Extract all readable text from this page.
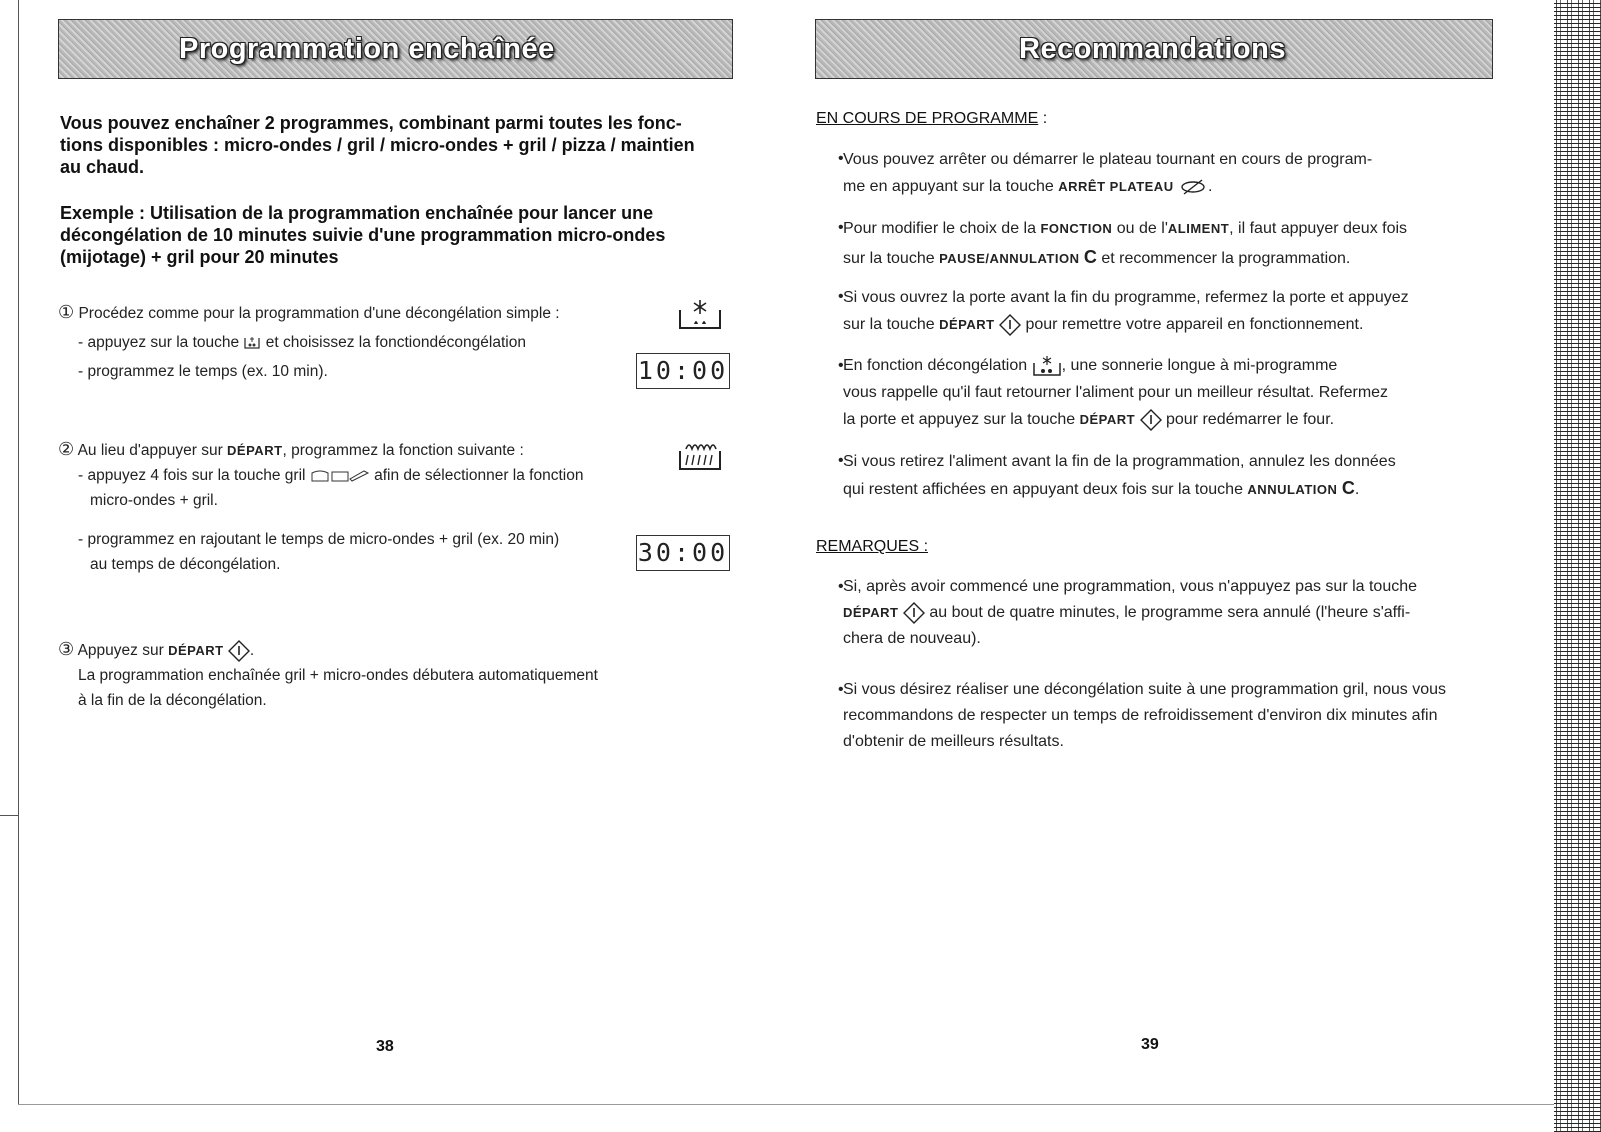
Programmation enchaînée
Vous pouvez enchaîner 2 programmes, combinant parmi toutes les fonc-
tions disponibles : micro-ondes / gril / micro-ondes + gril / pizza / maintien
au chaud.
Exemple : Utilisation de la programmation enchaînée pour lancer une
décongélation de 10 minutes suivie d'une programmation micro-ondes
(mijotage) + gril pour 20 minutes
① Procédez comme pour la programmation d'une décongélation simple :
- appuyez sur la touche et choisissez la fonctiondécongélation
- programmez le temps (ex. 10 min).	10:00
② Au lieu d'appuyer sur DÉPART, programmez la fonction suivante :
- appuyez 4 fois sur la touche gril	afin de sélectionner la fonction
micro-ondes + gril.
- programmez en rajoutant le temps de micro-ondes + gril (ex. 20 min)
au temps de décongélation.	30:00
③ Appuyez sur DÉPART .
La programmation enchaînée gril + micro-ondes débutera automatiquement
à la fin de la décongélation.
38
Recommandations
EN COURS DE PROGRAMME :
• Vous pouvez arrêter ou démarrer le plateau tournant en cours de program-
me en appuyant sur la touche ARRÊT PLATEAU .
• Pour modifier le choix de la FONCTION ou de l'ALIMENT, il faut appuyer deux fois
sur la touche PAUSE/ANNULATION C et recommencer la programmation.
• Si vous ouvrez la porte avant la fin du programme, refermez la porte et appuyez
sur la touche DÉPART pour remettre votre appareil en fonctionnement.
• En fonction décongélation , une sonnerie longue à mi-programme
vous rappelle qu'il faut retourner l'aliment pour un meilleur résultat. Refermez
la porte et appuyez sur la touche DÉPART pour redémarrer le four.
• Si vous retirez l'aliment avant la fin de la programmation, annulez les données
qui restent affichées en appuyant deux fois sur la touche ANNULATION C.
REMARQUES :
• Si, après avoir commencé une programmation, vous n'appuyez pas sur la touche
DÉPART au bout de quatre minutes, le programme sera annulé (l'heure s'affi-
chera de nouveau).
• Si vous désirez réaliser une décongélation suite à une programmation gril, nous vous
recommandons de respecter un temps de refroidissement d'environ dix minutes afin
d'obtenir de meilleurs résultats.
39
